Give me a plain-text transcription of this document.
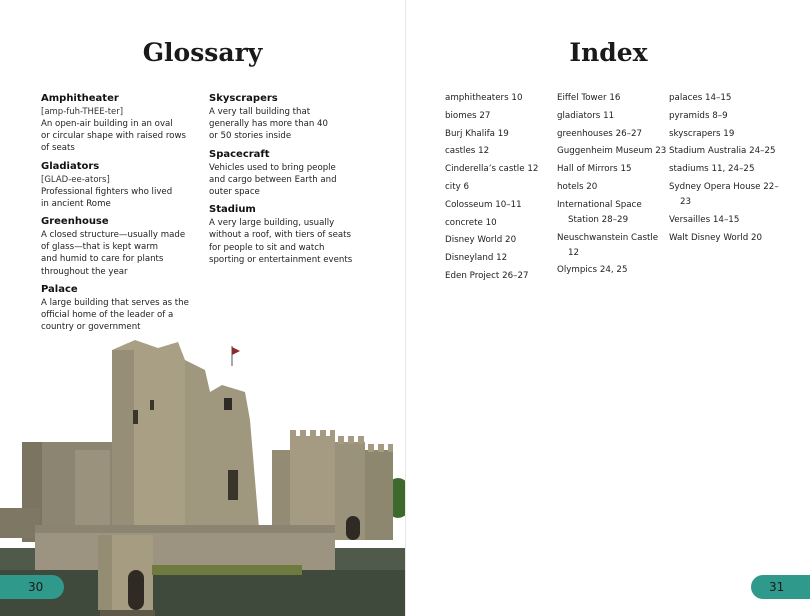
Glossary
Amphitheater
[amp-fuh-THEE-ter]
An open-air building in an oval
or circular shape with raised rows
of seats
Gladiators
[GLAD-ee-ators]
Professional fighters who lived
in ancient Rome
Greenhouse
A closed structure—usually made
of glass—that is kept warm
and humid to care for plants
throughout the year
Palace
A large building that serves as the
official home of the leader of a
country or government
Skyscrapers
A very tall building that
generally has more than 40
or 50 stories inside
Spacecraft
Vehicles used to bring people
and cargo between Earth and
outer space
Stadium
A very large building, usually
without a roof, with tiers of seats
for people to sit and watch
sporting or entertainment events
30
Index
31
amphitheaters 10
biomes 27
Burj Khalifa 19
castles 12
Cinderella’s castle 12
city 6
Colosseum 10–11
concrete 10
Disney World 20
Disneyland 12
Eden Project 26–27
Eiffel Tower 16
gladiators 11
greenhouses 26–27
Guggenheim Museum 23
Hall of Mirrors 15
hotels 20
International Space Station 28–29
Neuschwanstein Castle 12
Olympics 24, 25
palaces 14–15
pyramids 8–9
skyscrapers 19
Stadium Australia 24–25
stadiums 11, 24–25
Sydney Opera House 22–23
Versailles 14–15
Walt Disney World 20
